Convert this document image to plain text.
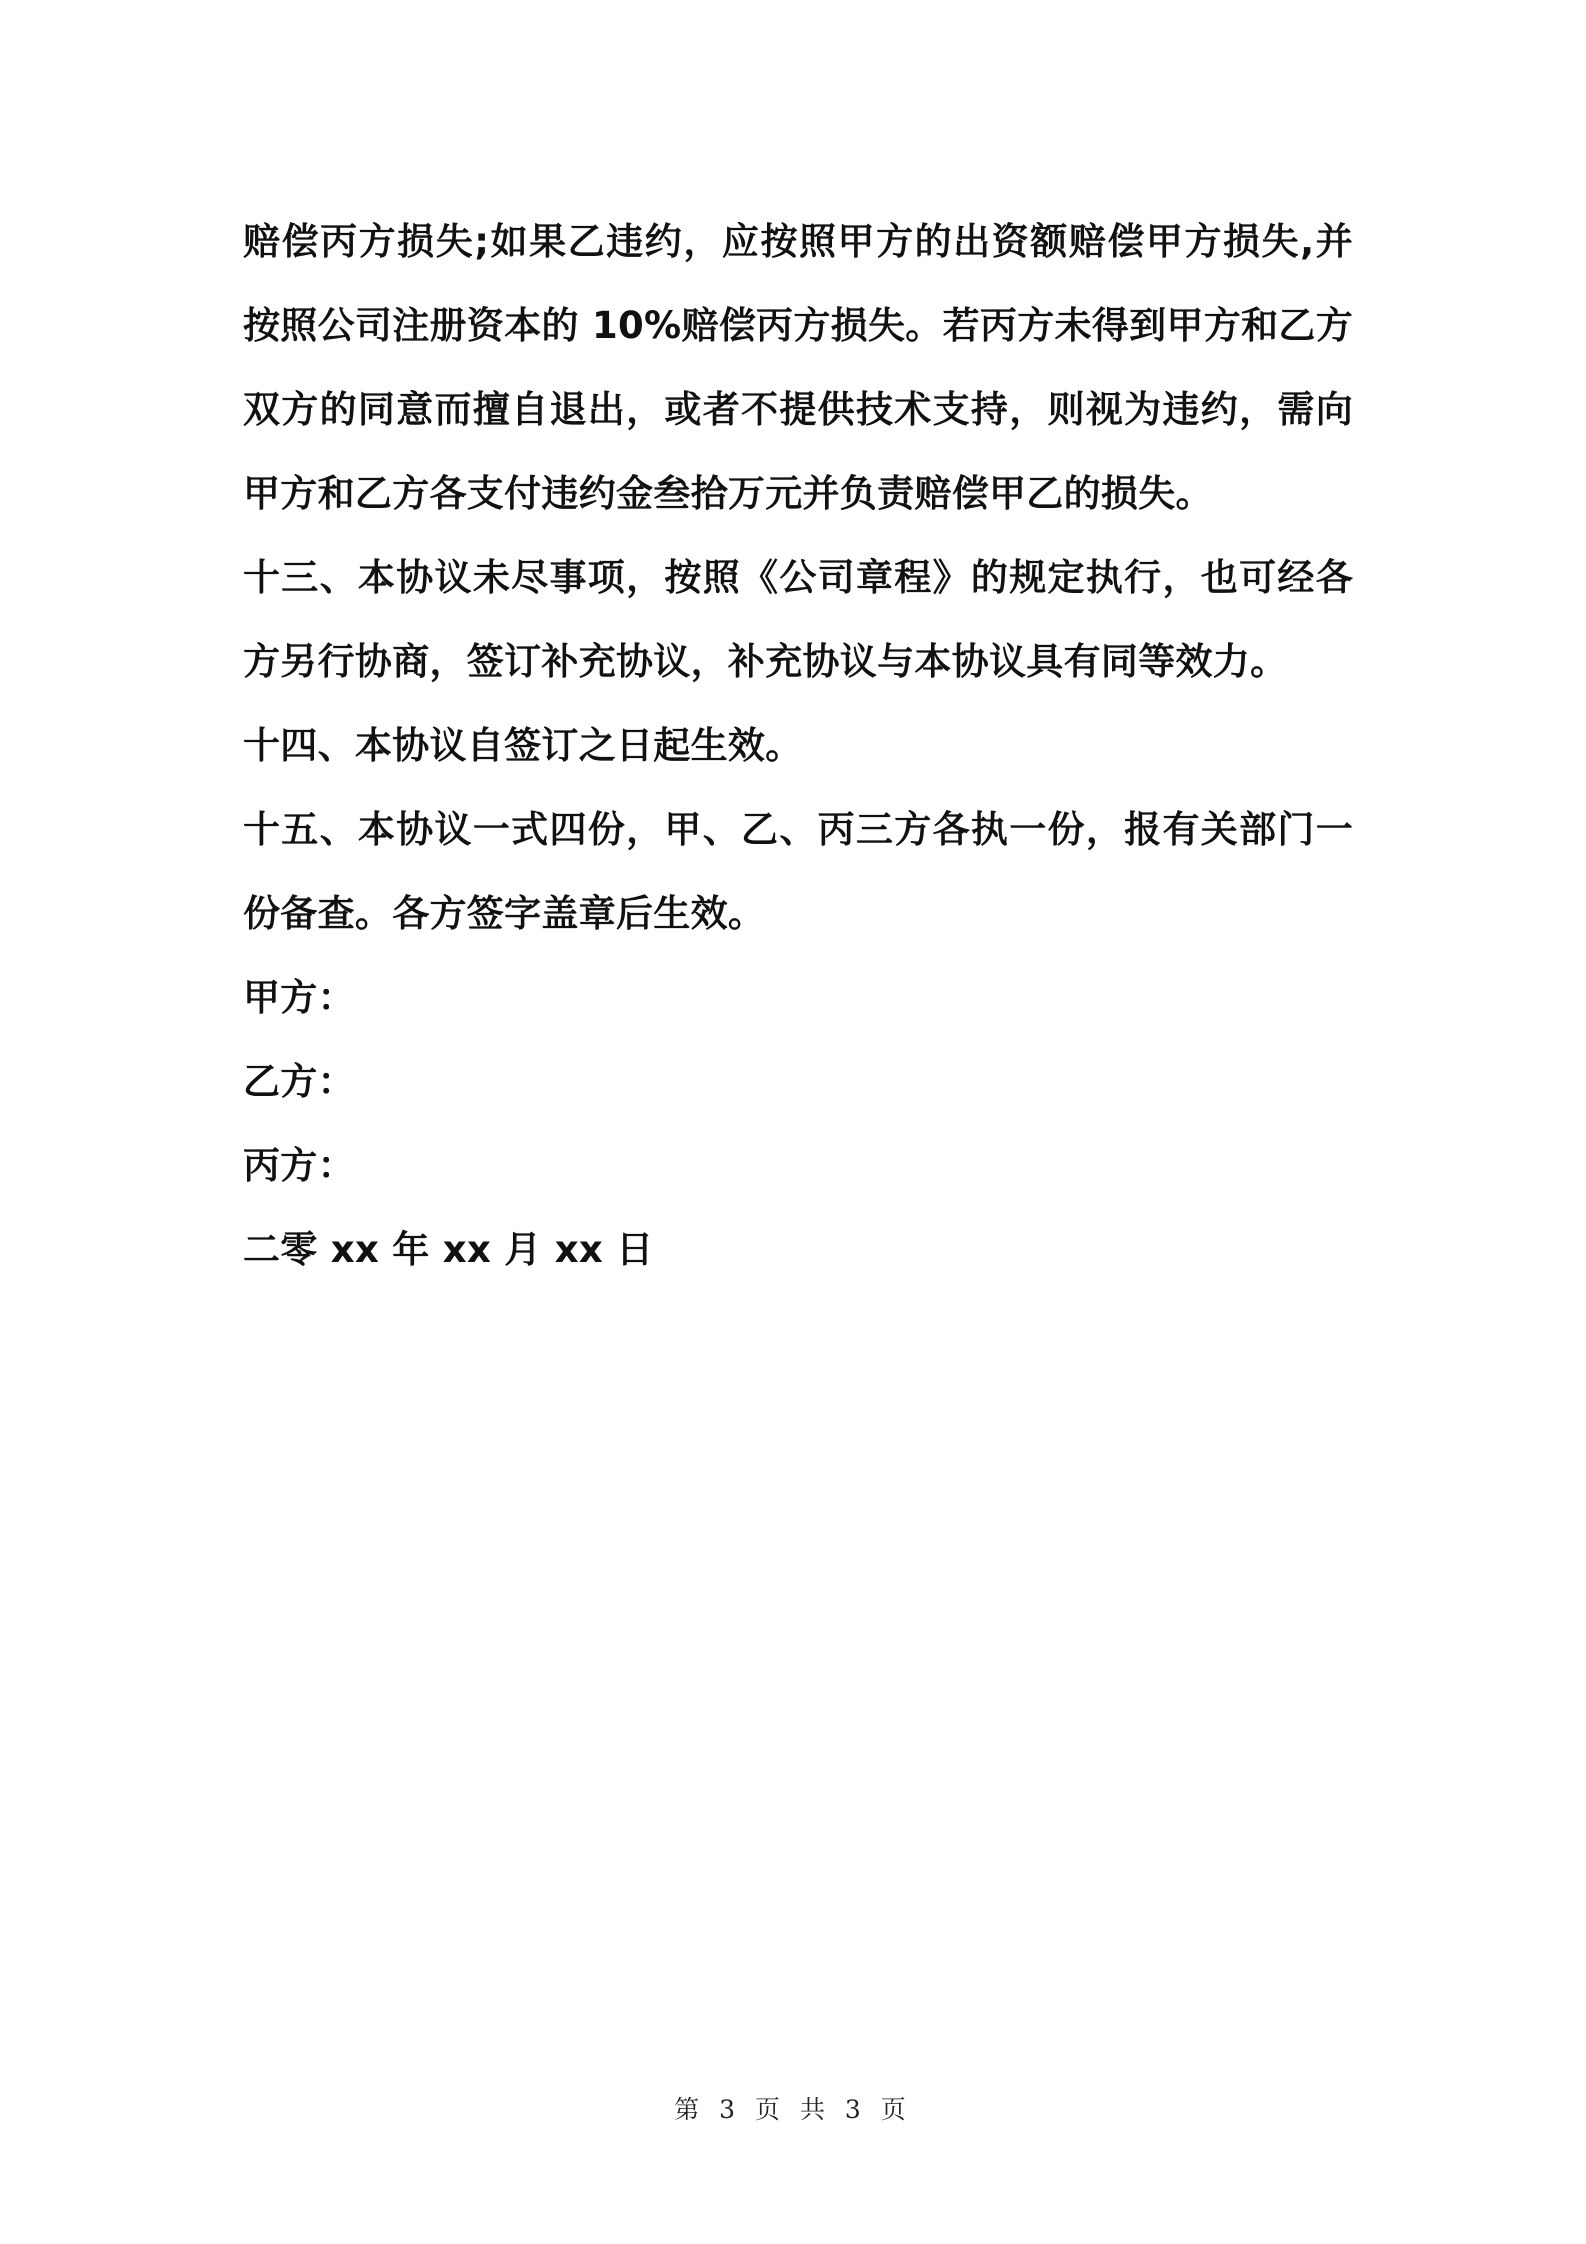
赔偿丙方损失;如果乙违约，应按照甲方的出资额赔偿甲方损失,并按照公司注册资本的 10%赔偿丙方损失。若丙方未得到甲方和乙方双方的同意而擅自退出，或者不提供技术支持，则视为违约，需向甲方和乙方各支付违约金叁拾万元并负责赔偿甲乙的损失。

十三、本协议未尽事项，按照《公司章程》的规定执行，也可经各方另行协商，签订补充协议，补充协议与本协议具有同等效力。

十四、本协议自签订之日起生效。

十五、本协议一式四份，甲、乙、丙三方各执一份，报有关部门一份备查。各方签字盖章后生效。

甲方：

乙方：

丙方：

二零 xx 年 xx 月 xx 日

第 3 页 共 3 页
